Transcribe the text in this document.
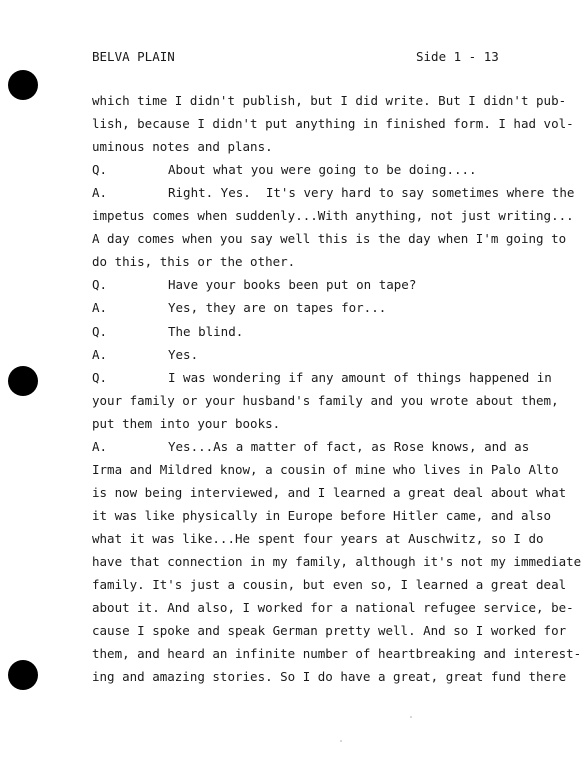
BELVA PLAIN	Side 1 - 13
which time I didn't publish, but I did write. But I didn't pub-
lish, because I didn't put anything in finished form. I had vol-
uminous notes and plans.
Q.	About what you were going to be doing....
A.	Right. Yes.  It's very hard to say sometimes where the
impetus comes when suddenly...With anything, not just writing...
A day comes when you say well this is the day when I'm going to
do this, this or the other.
Q.	Have your books been put on tape?
A.	Yes, they are on tapes for...
Q.	The blind.
A.	Yes.
Q.	I was wondering if any amount of things happened in
your family or your husband's family and you wrote about them,
put them into your books.
A.	Yes...As a matter of fact, as Rose knows, and as
Irma and Mildred know, a cousin of mine who lives in Palo Alto
is now being interviewed, and I learned a great deal about what
it was like physically in Europe before Hitler came, and also
what it was like...He spent four years at Auschwitz, so I do
have that connection in my family, although it's not my immediate
family. It's just a cousin, but even so, I learned a great deal
about it. And also, I worked for a national refugee service, be-
cause I spoke and speak German pretty well. And so I worked for
them, and heard an infinite number of heartbreaking and interest-
ing and amazing stories. So I do have a great, great fund there
